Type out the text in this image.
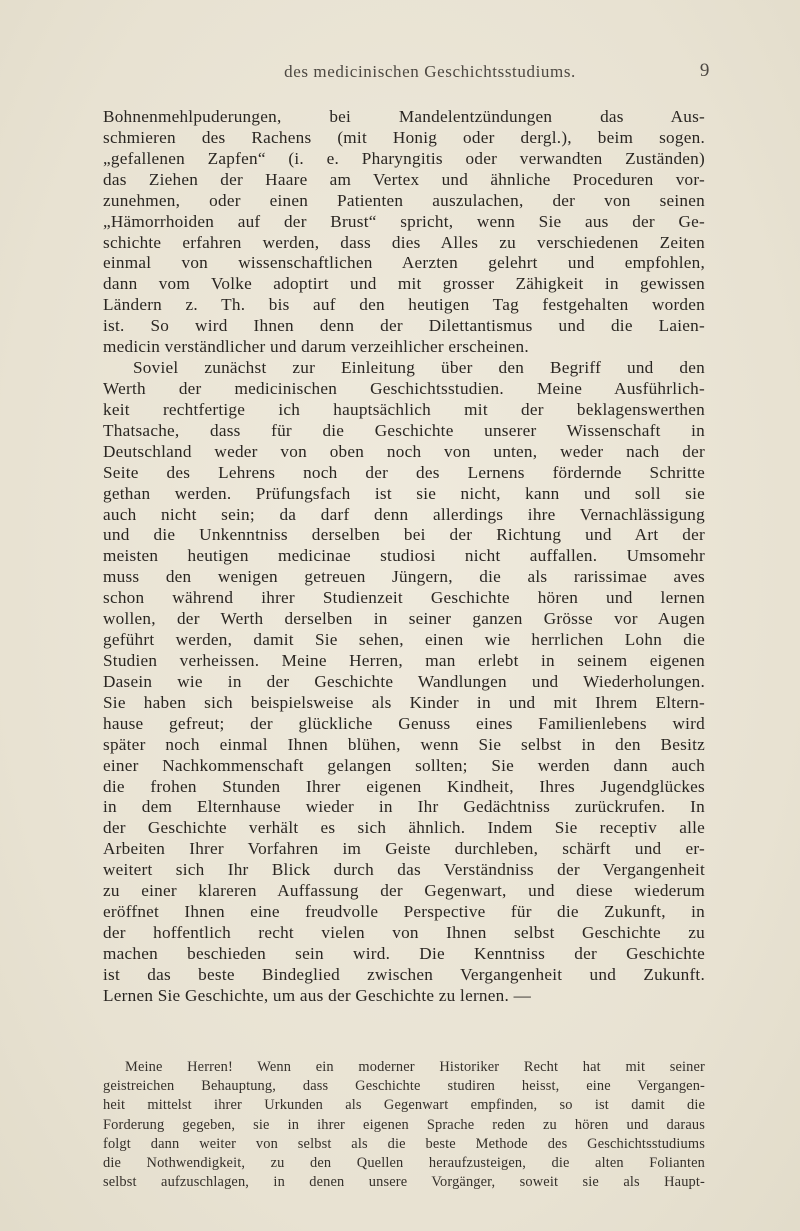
des medicinischen Geschichtsstudiums.	9
Bohnenmehlpuderungen, bei Mandelentzündungen das Aus-
schmieren des Rachens (mit Honig oder dergl.), beim sogen.
„gefallenen Zapfen“ (i. e. Pharyngitis oder verwandten Zuständen)
das Ziehen der Haare am Vertex und ähnliche Proceduren vor-
zunehmen, oder einen Patienten auszulachen, der von seinen
„Hämorrhoiden auf der Brust“ spricht, wenn Sie aus der Ge-
schichte erfahren werden, dass dies Alles zu verschiedenen Zeiten
einmal von wissenschaftlichen Aerzten gelehrt und empfohlen,
dann vom Volke adoptirt und mit grosser Zähigkeit in gewissen
Ländern z. Th. bis auf den heutigen Tag festgehalten worden
ist. So wird Ihnen denn der Dilettantismus und die Laien-
medicin verständlicher und darum verzeihlicher erscheinen.
Soviel zunächst zur Einleitung über den Begriff und den
Werth der medicinischen Geschichtsstudien. Meine Ausführlich-
keit rechtfertige ich hauptsächlich mit der beklagenswerthen
Thatsache, dass für die Geschichte unserer Wissenschaft in
Deutschland weder von oben noch von unten, weder nach der
Seite des Lehrens noch der des Lernens fördernde Schritte
gethan werden. Prüfungsfach ist sie nicht, kann und soll sie
auch nicht sein; da darf denn allerdings ihre Vernachlässigung
und die Unkenntniss derselben bei der Richtung und Art der
meisten heutigen medicinae studiosi nicht auffallen. Umsomehr
muss den wenigen getreuen Jüngern, die als rarissimae aves
schon während ihrer Studienzeit Geschichte hören und lernen
wollen, der Werth derselben in seiner ganzen Grösse vor Augen
geführt werden, damit Sie sehen, einen wie herrlichen Lohn die
Studien verheissen. Meine Herren, man erlebt in seinem eigenen
Dasein wie in der Geschichte Wandlungen und Wiederholungen.
Sie haben sich beispielsweise als Kinder in und mit Ihrem Eltern-
hause gefreut; der glückliche Genuss eines Familienlebens wird
später noch einmal Ihnen blühen, wenn Sie selbst in den Besitz
einer Nachkommenschaft gelangen sollten; Sie werden dann auch
die frohen Stunden Ihrer eigenen Kindheit, Ihres Jugendglückes
in dem Elternhause wieder in Ihr Gedächtniss zurückrufen. In
der Geschichte verhält es sich ähnlich. Indem Sie receptiv alle
Arbeiten Ihrer Vorfahren im Geiste durchleben, schärft und er-
weitert sich Ihr Blick durch das Verständniss der Vergangenheit
zu einer klareren Auffassung der Gegenwart, und diese wiederum
eröffnet Ihnen eine freudvolle Perspective für die Zukunft, in
der hoffentlich recht vielen von Ihnen selbst Geschichte zu
machen beschieden sein wird. Die Kenntniss der Geschichte
ist das beste Bindeglied zwischen Vergangenheit und Zukunft.
Lernen Sie Geschichte, um aus der Geschichte zu lernen. —
Meine Herren! Wenn ein moderner Historiker Recht hat mit seiner
geistreichen Behauptung, dass Geschichte studiren heisst, eine Vergangen-
heit mittelst ihrer Urkunden als Gegenwart empfinden, so ist damit die
Forderung gegeben, sie in ihrer eigenen Sprache reden zu hören und daraus
folgt dann weiter von selbst als die beste Methode des Geschichtsstudiums
die Nothwendigkeit, zu den Quellen heraufzusteigen, die alten Folianten
selbst aufzuschlagen, in denen unsere Vorgänger, soweit sie als Haupt-
